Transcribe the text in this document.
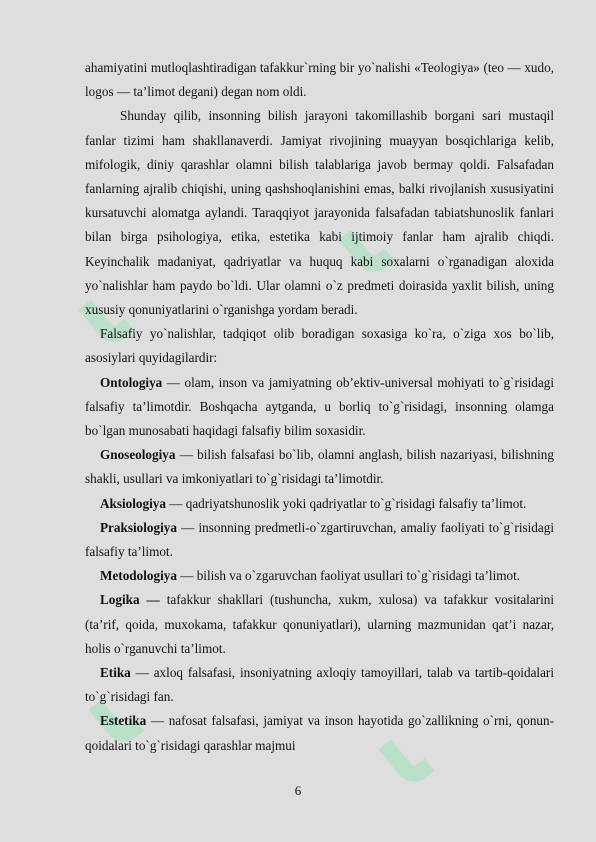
ahamiyatini mutloqlashtiradigan tafakkur`rning bir yo`nalishi «Teologiya» (teo — xudo, logos — ta’limot degani) degan nom oldi.

Shunday qilib, insonning bilish jarayoni takomillashib borgani sari mustaqil fanlar tizimi ham shakllanaverdi. Jamiyat rivojining muayyan bosqichlariga kelib, mifologik, diniy qarashlar olamni bilish talablariga javob bermay qoldi. Falsafadan fanlarning ajralib chiqishi, uning qashshoqlanishini emas, balki rivojlanish xususiyatini kursatuvchi alomatga aylandi. Taraqqiyot jarayonida falsafadan tabiatshunoslik fanlari bilan birga psihologiya, etika, estetika kabi ijtimoiy fanlar ham ajralib chiqdi. Keyinchalik madaniyat, qadriyatlar va huquq kabi soxalarni o`rganadigan aloxida yo`nalishlar ham paydo bo`ldi. Ular olamni o`z predmeti doirasida yaxlit bilish, uning xususiy qonuniyatlarini o`rganishga yordam beradi.

Falsafiy yo`nalishlar, tadqiqot olib boradigan soxasiga ko`ra, o`ziga xos bo`lib, asosiylari quyidagilardir:

Ontologiya — olam, inson va jamiyatning ob’ektiv-universal mohiyati to`g`risidagi falsafiy ta’limotdir. Boshqacha aytganda, u borliq to`g`risidagi, insonning olamga bo`lgan munosabati haqidagi falsafiy bilim soxasidir.

Gnoseologiya — bilish falsafasi bo`lib, olamni anglash, bilish nazariyasi, bilishning shakli, usullari va imkoniyatlari to`g`risidagi ta’limotdir.

Aksiologiya — qadriyatshunoslik yoki qadriyatlar to`g`risidagi falsafiy ta’limot.

Praksiologiya — insonning predmetli-o`zgartiruvchan, amaliy faoliyati to`g`risidagi falsafiy ta’limot.

Metodologiya — bilish va o`zgaruvchan faoliyat usullari to`g`risidagi ta’limot.

Logika — tafakkur shakllari (tushuncha, xukm, xulosa) va tafakkur vositalarini (ta’rif, qoida, muxokama, tafakkur qonuniyatlari), ularning mazmunidan qat’i nazar, holis o`rganuvchi ta’limot.

Etika — axloq falsafasi, insoniyatning axloqiy tamoyillari, talab va tartib-qoidalari to`g`risidagi fan.

Estetika — nafosat falsafasi, jamiyat va inson hayotida go`zallikning o`rni, qonun-qoidalari to`g`risidagi qarashlar majmui

6
